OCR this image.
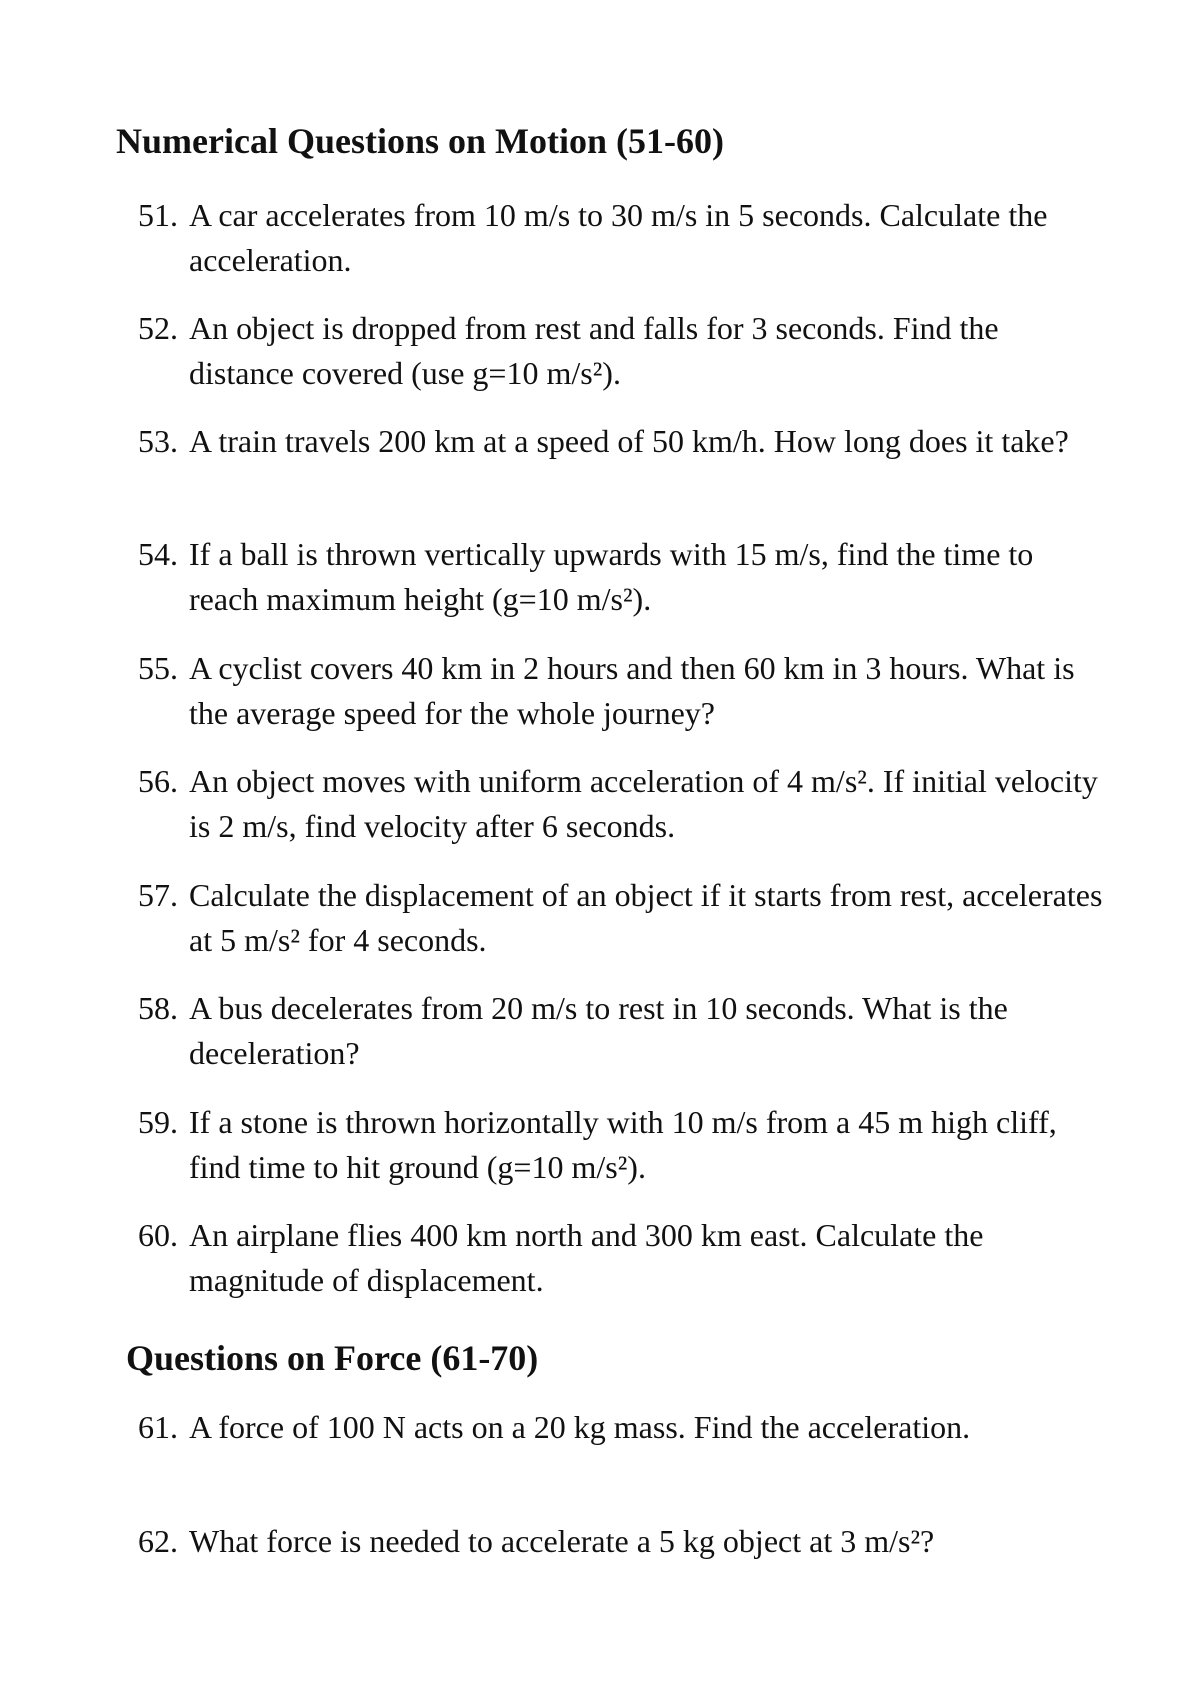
Numerical Questions on Motion (51-60)
51. A car accelerates from 10 m/s to 30 m/s in 5 seconds. Calculate the acceleration.
52. An object is dropped from rest and falls for 3 seconds. Find the distance covered (use g=10 m/s²).
53. A train travels 200 km at a speed of 50 km/h. How long does it take?
54. If a ball is thrown vertically upwards with 15 m/s, find the time to reach maximum height (g=10 m/s²).
55. A cyclist covers 40 km in 2 hours and then 60 km in 3 hours. What is the average speed for the whole journey?
56. An object moves with uniform acceleration of 4 m/s². If initial velocity is 2 m/s, find velocity after 6 seconds.
57. Calculate the displacement of an object if it starts from rest, accelerates at 5 m/s² for 4 seconds.
58. A bus decelerates from 20 m/s to rest in 10 seconds. What is the deceleration?
59. If a stone is thrown horizontally with 10 m/s from a 45 m high cliff, find time to hit ground (g=10 m/s²).
60. An airplane flies 400 km north and 300 km east. Calculate the magnitude of displacement.
Questions on Force (61-70)
61. A force of 100 N acts on a 20 kg mass. Find the acceleration.
62. What force is needed to accelerate a 5 kg object at 3 m/s²?
